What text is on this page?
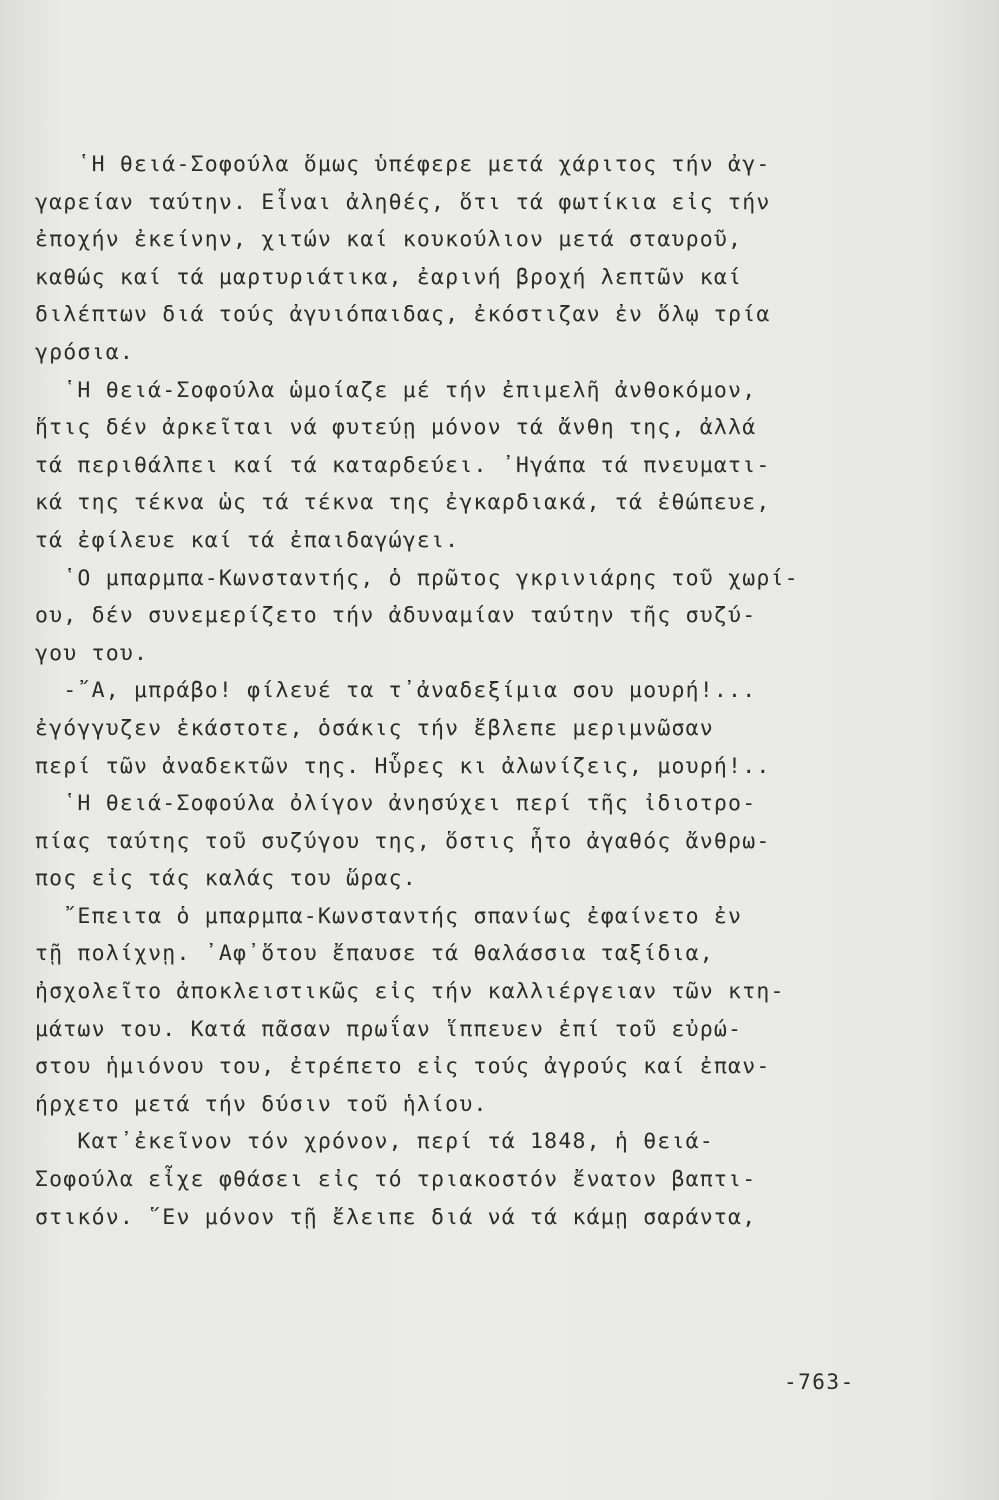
῾Η θειά-Σοφούλα ὅμως ὑπέφερε μετά χάριτος τήν ἀγ-
γαρείαν ταύτην. Εἶναι ἀληθές, ὅτι τά φωτίκια εἰς τήν
ἐποχήν ἐκείνην, χιτών καί κουκούλιον μετά σταυροῦ,
καθώς καί τά μαρτυριάτικα, ἐαρινή βροχή λεπτῶν καί
διλέπτων διά τούς ἀγυιόπαιδας, ἐκόστιζαν ἐν ὅλῳ τρία
γρόσια.
῾Η θειά-Σοφούλα ὡμοίαζε μέ τήν ἐπιμελῆ ἀνθοκόμον,
ἥτις δέν ἀρκεῖται νά φυτεύῃ μόνον τά ἄνθη της, ἀλλά
τά περιθάλπει καί τά καταρδεύει. ᾿Ηγάπα τά πνευματι-
κά της τέκνα ὡς τά τέκνα της ἐγκαρδιακά, τά ἐθώπευε,
τά ἐφίλευε καί τά ἐπαιδαγώγει.
῾Ο μπαρμπα-Κωνσταντής, ὁ πρῶτος γκρινιάρης τοῦ χωρί-
ου, δέν συνεμερίζετο τήν ἀδυναμίαν ταύτην τῆς συζύ-
γου του.
-῎Α, μπράβο! φίλευέ τα τ᾿ἀναδεξίμια σου μουρή!...
ἐγόγγυζεν ἑκάστοτε, ὁσάκις τήν ἔβλεπε μεριμνῶσαν
περί τῶν ἀναδεκτῶν της. Ηὗρες κι ἀλωνίζεις, μουρή!..
῾Η θειά-Σοφούλα ὀλίγον ἀνησύχει περί τῆς ἰδιοτρο-
πίας ταύτης τοῦ συζύγου της, ὅστις ἦτο ἀγαθός ἄνθρω-
πος εἰς τάς καλάς του ὥρας.
῎Επειτα ὁ μπαρμπα-Κωνσταντής σπανίως ἐφαίνετο ἐν
τῇ πολίχνῃ. ᾿Αφ᾿ὅτου ἔπαυσε τά θαλάσσια ταξίδια,
ἠσχολεῖτο ἀποκλειστικῶς εἰς τήν καλλιέργειαν τῶν κτη-
μάτων του. Κατά πᾶσαν πρωΐαν ἵππευεν ἐπί τοῦ εὐρώ-
στου ἡμιόνου του, ἐτρέπετο εἰς τούς ἀγρούς καί ἐπαν-
ήρχετο μετά τήν δύσιν τοῦ ἡλίου.
Κατ᾿ἐκεῖνον τόν χρόνον, περί τά 1848, ἡ θειά-
Σοφούλα εἶχε φθάσει εἰς τό τριακοστόν ἔνατον βαπτι-
στικόν. ῞Εν μόνον τῇ ἔλειπε διά νά τά κάμῃ σαράντα,
-763-
